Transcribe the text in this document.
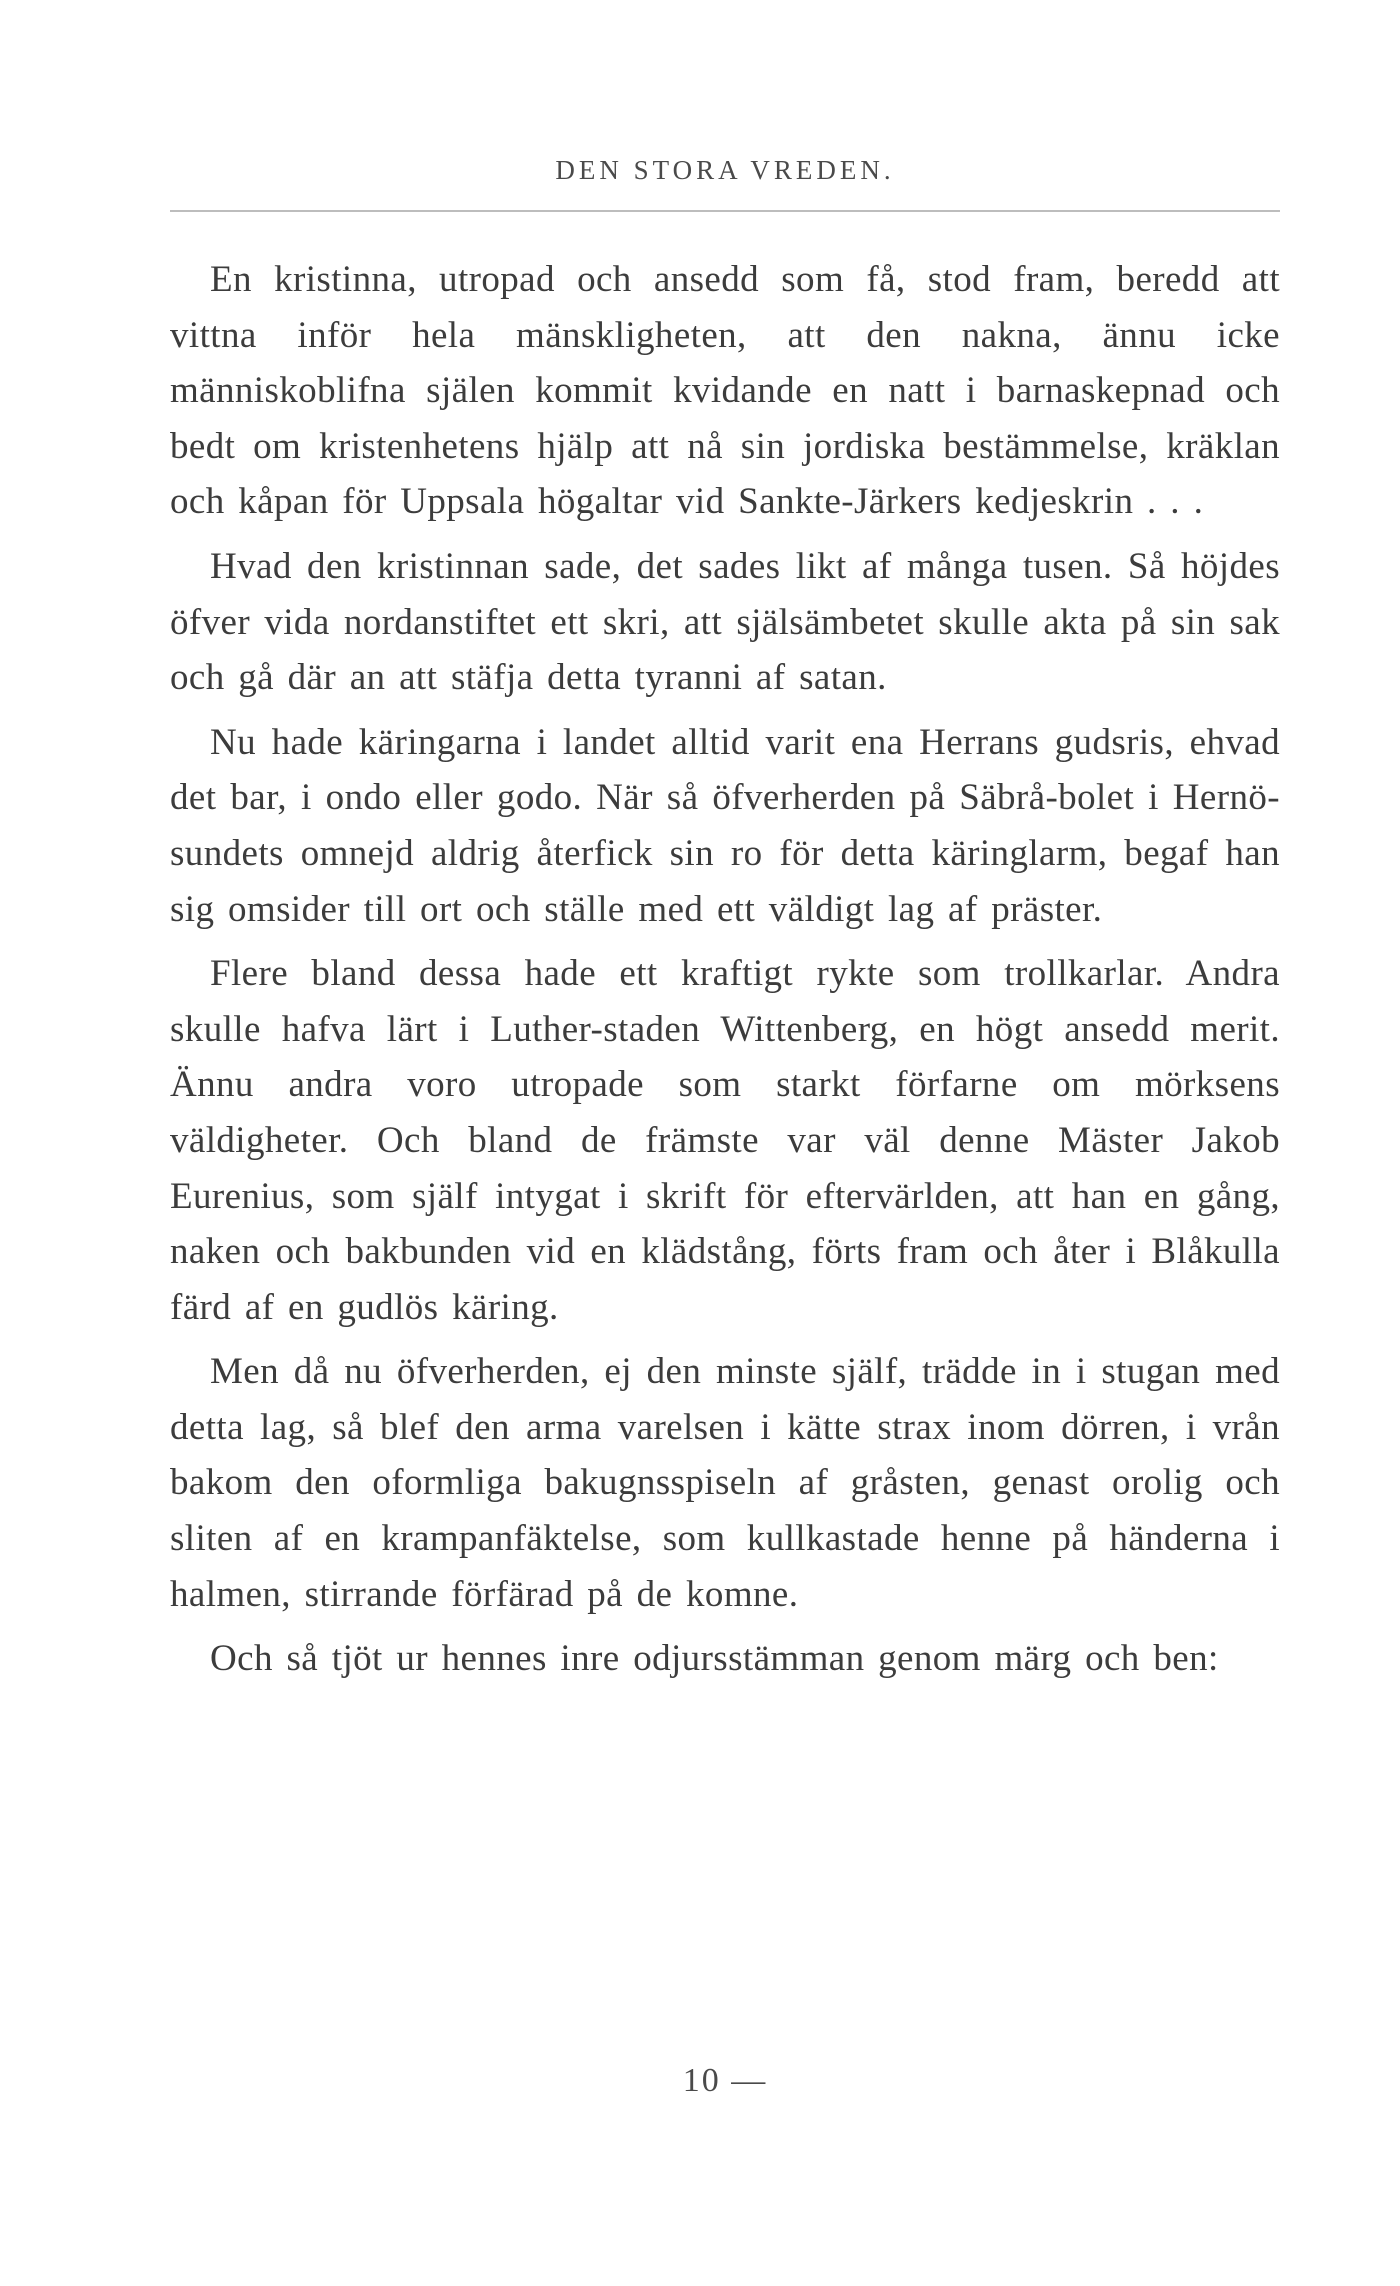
DEN STORA VREDEN.

En kristinna, utropad och ansedd som få, stod fram, beredd att vittna inför hela mänskligheten, att den nakna, ännu icke människoblifna själen kommit kvidande en natt i barnaskepnad och bedt om kristenhetens hjälp att nå sin jordiska bestämmelse, kräklan och kåpan för Uppsala högaltar vid Sankte-Järkers kedjeskrin . . .

Hvad den kristinnan sade, det sades likt af många tusen. Så höjdes öfver vida nordanstiftet ett skri, att själsämbetet skulle akta på sin sak och gå där an att stäfja detta tyranni af satan.

Nu hade käringarna i landet alltid varit ena Herrans gudsris, ehvad det bar, i ondo eller godo. När så öfverherden på Säbrå-bolet i Hernö-sundets omnejd aldrig återfick sin ro för detta käringlarm, begaf han sig omsider till ort och ställe med ett väldigt lag af präster.

Flere bland dessa hade ett kraftigt rykte som trollkarlar. Andra skulle hafva lärt i Luther-staden Wittenberg, en högt ansedd merit. Ännu andra voro utropade som starkt förfarne om mörksens väldigheter. Och bland de främste var väl denne Mäster Jakob Eurenius, som själf intygat i skrift för eftervärlden, att han en gång, naken och bakbunden vid en klädstång, förts fram och åter i Blåkulla färd af en gudlös käring.

Men då nu öfverherden, ej den minste själf, trädde in i stugan med detta lag, så blef den arma varelsen i kätte strax inom dörren, i vrån bakom den oformliga bakugnsspiseln af gråsten, genast orolig och sliten af en krampanfäktelse, som kullkastade henne på händerna i halmen, stirrande förfärad på de komne.

Och så tjöt ur hennes inre odjursstämman genom märg och ben:

10 —
